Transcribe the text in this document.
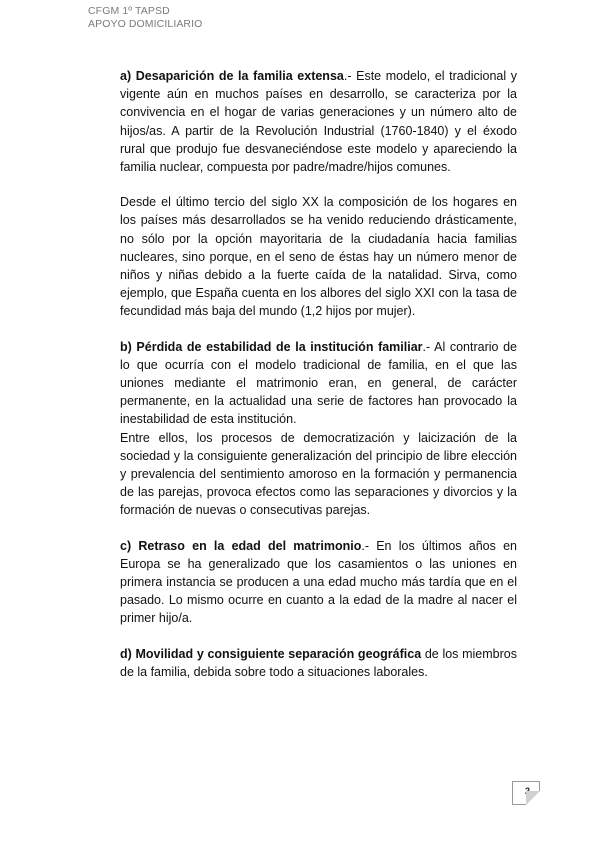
CFGM 1º TAPSD
APOYO DOMICILIARIO

a) Desaparición de la familia extensa.- Este modelo, el tradicional y vigente aún en muchos países en desarrollo, se caracteriza por la convivencia en el hogar de varias generaciones y un número alto de hijos/as. A partir de la Revolución Industrial (1760-1840) y el éxodo rural que produjo fue desvaneciéndose este modelo y apareciendo la familia nuclear, compuesta por padre/madre/hijos comunes.

Desde el último tercio del siglo XX la composición de los hogares en los países más desarrollados se ha venido reduciendo drásticamente, no sólo por la opción mayoritaria de la ciudadanía hacia familias nucleares, sino porque, en el seno de éstas hay un número menor de niños y niñas debido a la fuerte caída de la natalidad. Sirva, como ejemplo, que España cuenta en los albores del siglo XXI con la tasa de fecundidad más baja del mundo (1,2 hijos por mujer).

b) Pérdida de estabilidad de la institución familiar.- Al contrario de lo que ocurría con el modelo tradicional de familia, en el que las uniones mediante el matrimonio eran, en general, de carácter permanente, en la actualidad una serie de factores han provocado la inestabilidad de esta institución.

Entre ellos, los procesos de democratización y laicización de la sociedad y la consiguiente generalización del principio de libre elección y prevalencia del sentimiento amoroso en la formación y permanencia de las parejas, provoca efectos como las separaciones y divorcios y la formación de nuevas o consecutivas parejas.

c) Retraso en la edad del matrimonio.- En los últimos años en Europa se ha generalizado que los casamientos o las uniones en primera instancia se producen a una edad mucho más tardía que en el pasado. Lo mismo ocurre en cuanto a la edad de la madre al nacer el primer hijo/a.

d) Movilidad y consiguiente separación geográfica de los miembros de la familia, debida sobre todo a situaciones laborales.

2
